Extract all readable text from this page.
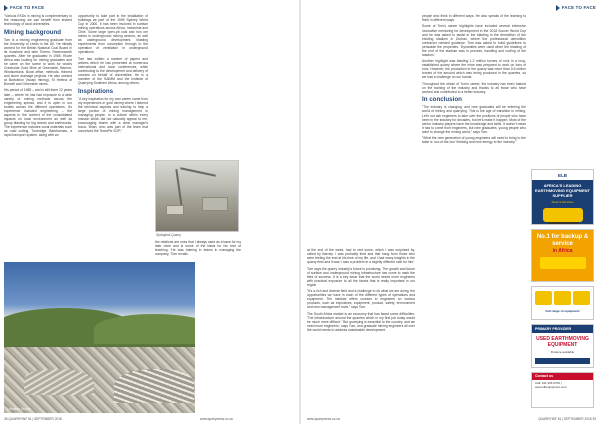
FACE TO FACE

"Various EKDs in mining is complementary to the reasoning we can benefit from shared technology of local universities.

Mining background

Tom is a mining engineering graduate from the University of Leeds in the UK. He initially worked for the British National Coal Board in its ironstone and later Tintern, Ravensworth quarries. After he graduated in 1985, Roofe Africa was looking for mining graduates and he came on the scene to work for what's Greenside Gold Mine at Greenside, Barmor, Windsorbank, Boral office, methods, thinned and stone drainage projects. He also worked at Bartoshon (Iscapi mining), St Helena of Borwell and Greenside mines.

His period of 1985 – and is still there 22 years later – where he has had exposure to a wide variety of mining methods across the engineering spread, and it is open in our bodies across the different operations. It's experience included engineering – the aspects in the context of the consolidated impacts on local environment as well as group blasting for big stones and earthworks. The experience includes vocal materials such as road cutting, Tunbridge, Barkhannas, a rapid transport system, along with an

opportunity to take part in the installation of buildings as part of the 1995 Sydney World Cup in 2000. It has been involved in surface mining operations across Africa, Indonesia and Chile. Some large open-pit coal and iron ore mines in underground mining sectors, as well as underground development, blasting experiments from conception through to the operation of ventilation in underground operations.

Tom has written a number of papers and articles which he has presented at numerous international and local conferences, while contributing to the development and delivery of courses on behalf of universities. He is a member of the SAIMM and the Institute of Quarrying Southern Africa, among others.

Inspirations

"A key inspiration for my own career came from my experiences in gold mining where I learned the technical aspects and training to help a large portion of mining management in managing people, in a culture within every mission which did not naturally appeal to me, encouraging teams with a clear manager's focus. Brian, who was part of the team that conceived the TeamPic SOP,"

Springbok Quarry

the relations are ones that I always used as a base for my later mine and is some of the basis for his love of teaching. 'He was training in teams in managing the company, 'Tom recalls.

Lichtdom Quarry
38 QUARRYINF 81 | SEPTEMBER 2018	www.quarrynews.co.za
FACE TO FACE

at the end of the week, had to rest some, which I was surprised by, called by Barney. I was probably tired and that hang from those who were feeling the end at his time of my life, and I had many insights in the quarry field and it was 'I was a problem in a slightly different side for him'.

Tom says the quarry industry's future is promising. The growth and future of surface and underground mining infrastructure has come to mark the field of success. It is a key issue that the world needs more engineers with practical exposure to all the facets that is really important in our region.

"It's a rich and diverse field and a challenge to do what we are doing, the opportunities we have in each of the different types of operations and equipment. The Institute offers courses to engineers on various products, such as explosives, equipment, product, safety, environment and new management tools," says Tom.

The South Africa market is an economy that has faced some difficulties. 'The infrastructure around the quarries which in my first job today would be much more difficult.' 'But quarrying is essential to the country, and we need more engineers,' says Tom, and graduate mining engineers all over the world needs to address sustainable development.

people who think in different ways. He also speaks of the learning to think in different ways.

Some of Tom's career highlights have included several extensive innovative mentoring for development in the 2018 Soccer World Cup and he was asked to assist in the blasting in the demolition of the existing stadium in Durban, where the professional demolition contractor needed guidance. Tom was asked to build guidelines to persuade the properties. 'Dynamites were used when the blasting of the roof of the stadium was in process, handling and roofing of the stadium.'

Another highlight was blasting 1.2 million tonnes of rock in a long-established quarry where the mine was prepared to work on tons of rock. However, the production in the quarry was more than 0.6 million tonnes of the amount which was being produced in the quarries, so we had a challenge on our hands.

Throughout the whole of Tom's career, the industry has been trained on the training of the industry and thanks to all those who have worked and contributed to a better industry.

In conclusion

"The industry is changing, and new graduates will be entering the world of mining and quarrying. This is the age of transition in mining. Let's not ask engineers to take over the positions of people who have been in the industry for decades, but let's make it happen. Most of the senior industry players have the knowledge and skills. It doesn't mean it has to come from engineers, but new graduates, young people who want to change the mining world," says Tom.

"What the new generation of young engineers will need to bring to the table is 'out-of-the-box' thinking and new energy to the industry."

www.quarrynews.co.za	QUARRYINF 81 | SEPTEMBER 2018 39
ELB
AFRICA'S LEADING EARTHMOVING EQUIPMENT SUPPLIER
Fleet & Services
No.1 for backup & service
in Africa
Full range of equipment
PRIMARY PROVIDER
USED EARTHMOVING EQUIPMENT
Finance available
Contact us
Call: 011 306 0700 | www.elbequipment.com
